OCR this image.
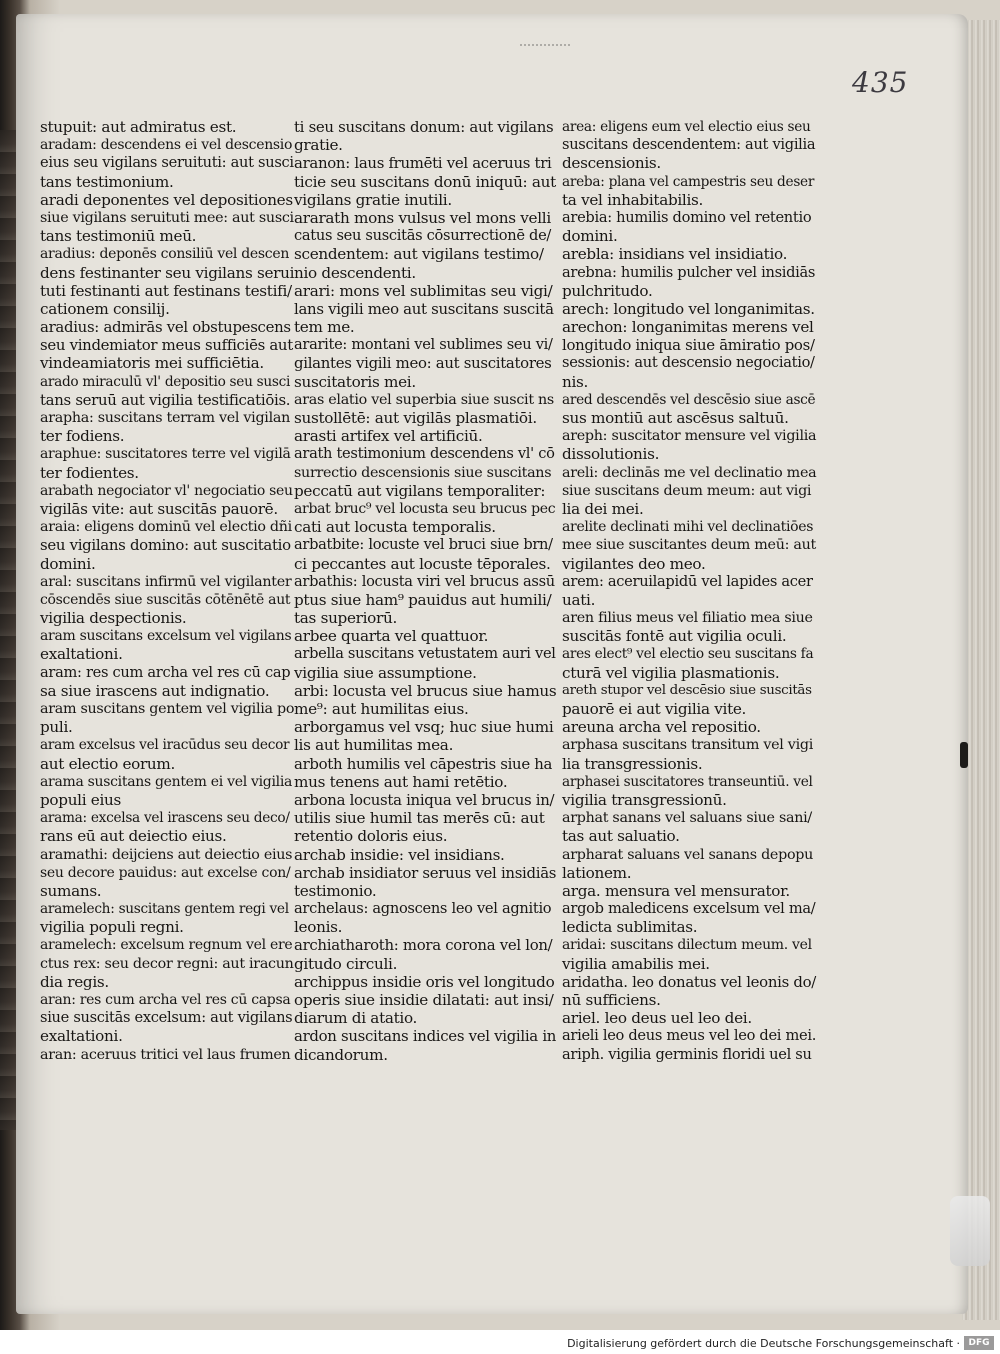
435
stupuit: aut admiratus est.
aradam: descendens ei vel descensio
eius seu vigilans seruituti: aut susci
tans testimonium.
aradi deponentes vel depositiones
siue vigilans seruituti mee: aut susci
tans testimoniū meū.
aradius: deponēs consiliū vel descen
dens festinanter seu vigilans serui
tuti festinanti aut festinans testifi/
cationem consilij.
aradius: admirās vel obstupescens
seu vindemiator meus sufficiēs aut
vindeamiatoris mei sufficiētia.
arado miraculū vl' depositio seu susci
tans seruū aut vigilia testificatiōis.
arapha: suscitans terram vel vigilan
ter fodiens.
araphue: suscitatores terre vel vigilā
ter fodientes.
arabath negociator vl' negociatio seu
vigilās vite: aut suscitās pauorē.
araia: eligens dominū vel electio dñi
seu vigilans domino: aut suscitatio
domini.
aral: suscitans infirmū vel vigilanter
cōscendēs siue suscitās cōtēnētē aut
vigilia despectionis.
aram suscitans excelsum vel vigilans
exaltationi.
aram: res cum archa vel res cū cap
sa siue irascens aut indignatio.
aram suscitans gentem vel vigilia po
puli.
aram excelsus vel iracūdus seu decor
aut electio eorum.
arama suscitans gentem ei vel vigilia
populi eius
arama: excelsa vel irascens seu deco/
rans eū aut deiectio eius.
aramathi: deijciens aut deiectio eius
seu decore pauidus: aut excelse con/
sumans.
aramelech: suscitans gentem regi vel
vigilia populi regni.
aramelech: excelsum regnum vel ere
ctus rex: seu decor regni: aut iracun
dia regis.
aran: res cum archa vel res cū capsa
siue suscitās excelsum: aut vigilans
exaltationi.
aran: aceruus tritici vel laus frumen
ti seu suscitans donum: aut vigilans
gratie.
aranon: laus frumēti vel aceruus tri
ticie seu suscitans donū iniquū: aut
vigilans gratie inutili.
ararath mons vulsus vel mons velli
catus seu suscitās cōsurrectionē de/
scendentem: aut vigilans testimo/
nio descendenti.
arari: mons vel sublimitas seu vigi/
lans vigili meo aut suscitans suscitā
tem me.
ararite: montani vel sublimes seu vi/
gilantes vigili meo: aut suscitatores
suscitatoris mei.
aras elatio vel superbia siue suscit ns
sustollētē: aut vigilās plasmatiōi.
arasti artifex vel artificiū.
arath testimonium descendens vl' cō
surrectio descensionis siue suscitans
peccatū aut vigilans temporaliter:
arbat bruc⁹ vel locusta seu brucus pec
cati aut locusta temporalis.
arbatbite: locuste vel bruci siue brn/
ci peccantes aut locuste tēporales.
arbathis: locusta viri vel brucus assū
ptus siue ham⁹ pauidus aut humili/
tas superiorū.
arbee quarta vel quattuor.
arbella suscitans vetustatem auri vel
vigilia siue assumptione.
arbi: locusta vel brucus siue hamus
me⁹: aut humilitas eius.
arborgamus vel vsq; huc siue humi
lis aut humilitas mea.
arboth humilis vel cāpestris siue ha
mus tenens aut hami retētio.
arbona locusta iniqua vel brucus in/
utilis siue humil tas merēs cū: aut
retentio doloris eius.
archab insidie: vel insidians.
archab insidiator seruus vel insidiās
testimonio.
archelaus: agnoscens leo vel agnitio
leonis.
archiatharoth: mora corona vel lon/
gitudo circuli.
archippus insidie oris vel longitudo
operis siue insidie dilatati: aut insi/
diarum di atatio.
ardon suscitans indices vel vigilia in
dicandorum.
area: eligens eum vel electio eius seu
suscitans descendentem: aut vigilia
descensionis.
areba: plana vel campestris seu deser
ta vel inhabitabilis.
arebia: humilis domino vel retentio
domini.
arebla: insidians vel insidiatio.
arebna: humilis pulcher vel insidiās
pulchritudo.
arech: longitudo vel longanimitas.
arechon: longanimitas merens vel
longitudo iniqua siue āmiratio pos/
sessionis: aut descensio negociatio/
nis.
ared descendēs vel descēsio siue ascē
sus montiū aut ascēsus saltuū.
areph: suscitator mensure vel vigilia
dissolutionis.
areli: declinās me vel declinatio mea
siue suscitans deum meum: aut vigi
lia dei mei.
arelite declinati mihi vel declinatiōes
mee siue suscitantes deum meū: aut
vigilantes deo meo.
arem: aceruilapidū vel lapides acer
uati.
aren filius meus vel filiatio mea siue
suscitās fontē aut vigilia oculi.
ares elect⁹ vel electio seu suscitans fa
cturā vel vigilia plasmationis.
areth stupor vel descēsio siue suscitās
pauorē ei aut vigilia vite.
areuna archa vel repositio.
arphasa suscitans transitum vel vigi
lia transgressionis.
arphasei suscitatores transeuntiū. vel
vigilia transgressionū.
arphat sanans vel saluans siue sani/
tas aut saluatio.
arpharat saluans vel sanans depopu
lationem.
arga. mensura vel mensurator.
argob maledicens excelsum vel ma/
ledicta sublimitas.
aridai: suscitans dilectum meum. vel
vigilia amabilis mei.
aridatha. leo donatus vel leonis do/
nū sufficiens.
ariel. leo deus uel leo dei.
arieli leo deus meus vel leo dei mei.
ariph. vigilia germinis floridi uel su
Digitalisierung gefördert durch die Deutsche Forschungsgemeinschaft · DFG
